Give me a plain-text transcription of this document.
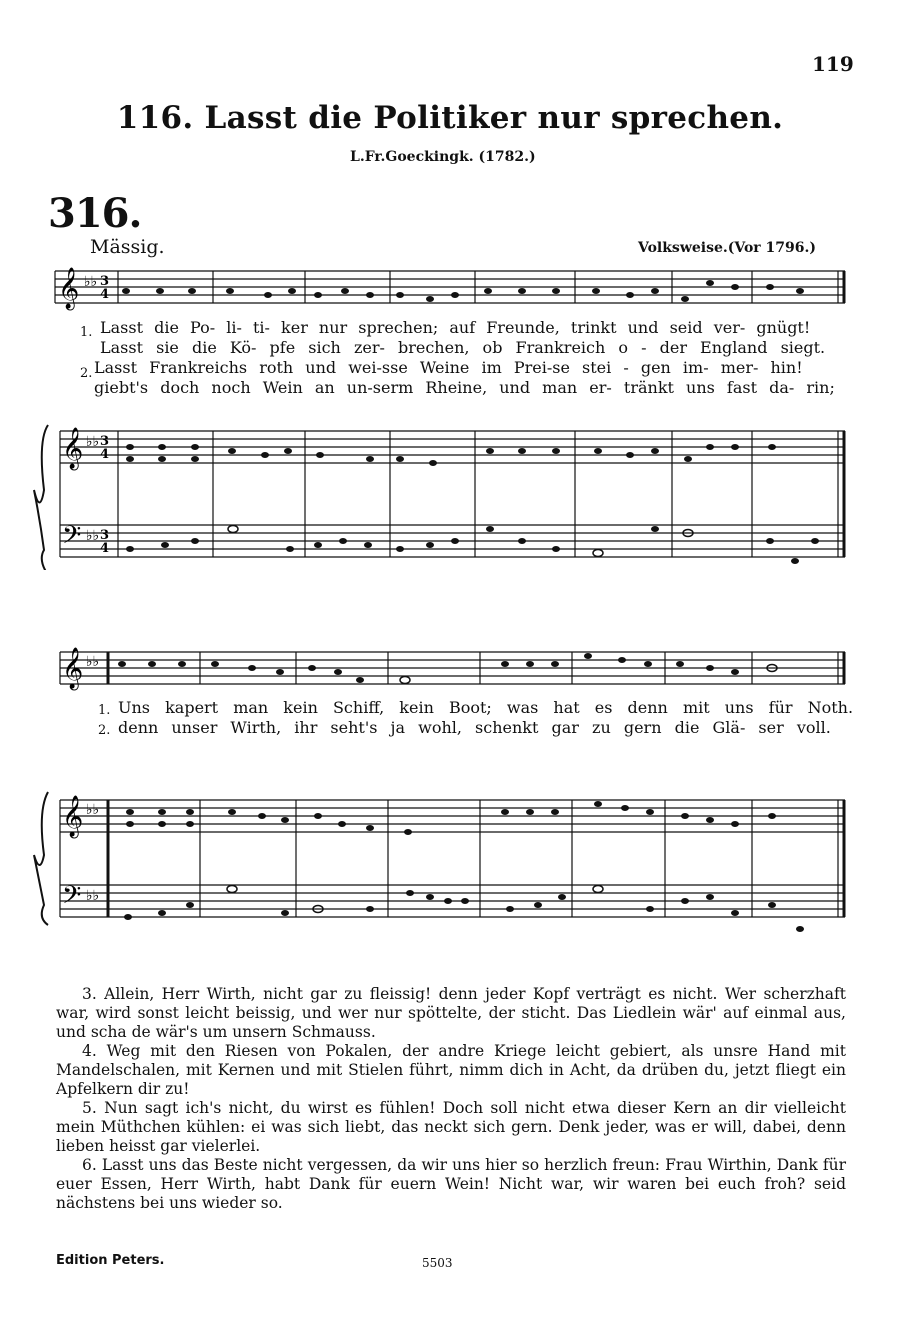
119
116. Lasst die Politiker nur sprechen.
L.Fr.Goeckingk. (1782.)
316.
Mässig.	Volksweise.(Vor 1796.)
𝄞 ♭♭ 3
4
𝄞
𝄢
♭♭
♭♭
3
4
3
4
1. Lasst die Po- li- ti- ker nur sprechen; auf Freunde, trinkt und seid ver- gnügt!
Lasst sie die Kö- pfe sich zer- brechen, ob Frankreich o - der England siegt.
2. Lasst Frankreichs roth und wei-sse Weine im Prei-se stei - gen im- mer- hin!
giebt's doch noch Wein an un-serm Rheine, und man er- tränkt uns fast da- rin;
𝄞 ♭♭
𝄞
𝄢
♭♭
♭♭
1. Uns kapert man kein Schiff, kein Boot; was hat es denn mit uns für Noth.
2. denn unser Wirth, ihr seht's ja wohl, schenkt gar zu gern die Glä- ser voll.

3. Allein, Herr Wirth, nicht gar zu fleissig! denn jeder Kopf verträgt es nicht. Wer scherzhaft war, wird sonst leicht beissig, und wer nur spöttelte, der sticht. Das Liedlein wär' auf einmal aus, und scha de wär's um unsern Schmauss.

4. Weg mit den Riesen von Pokalen, der andre Kriege leicht gebiert, als unsre Hand mit Mandelschalen, mit Kernen und mit Stielen führt, nimm dich in Acht, da drüben du, jetzt fliegt ein Apfelkern dir zu!

5. Nun sagt ich's nicht, du wirst es fühlen! Doch soll nicht etwa dieser Kern an dir vielleicht mein Müthchen kühlen: ei was sich liebt, das neckt sich gern. Denk jeder, was er will, dabei, denn lieben heisst gar vielerlei.

6. Lasst uns das Beste nicht vergessen, da wir uns hier so herzlich freun: Frau Wirthin, Dank für euer Essen, Herr Wirth, habt Dank für euern Wein! Nicht war, wir waren bei euch froh? seid nächstens bei uns wieder so.

Edition Peters.	5503
